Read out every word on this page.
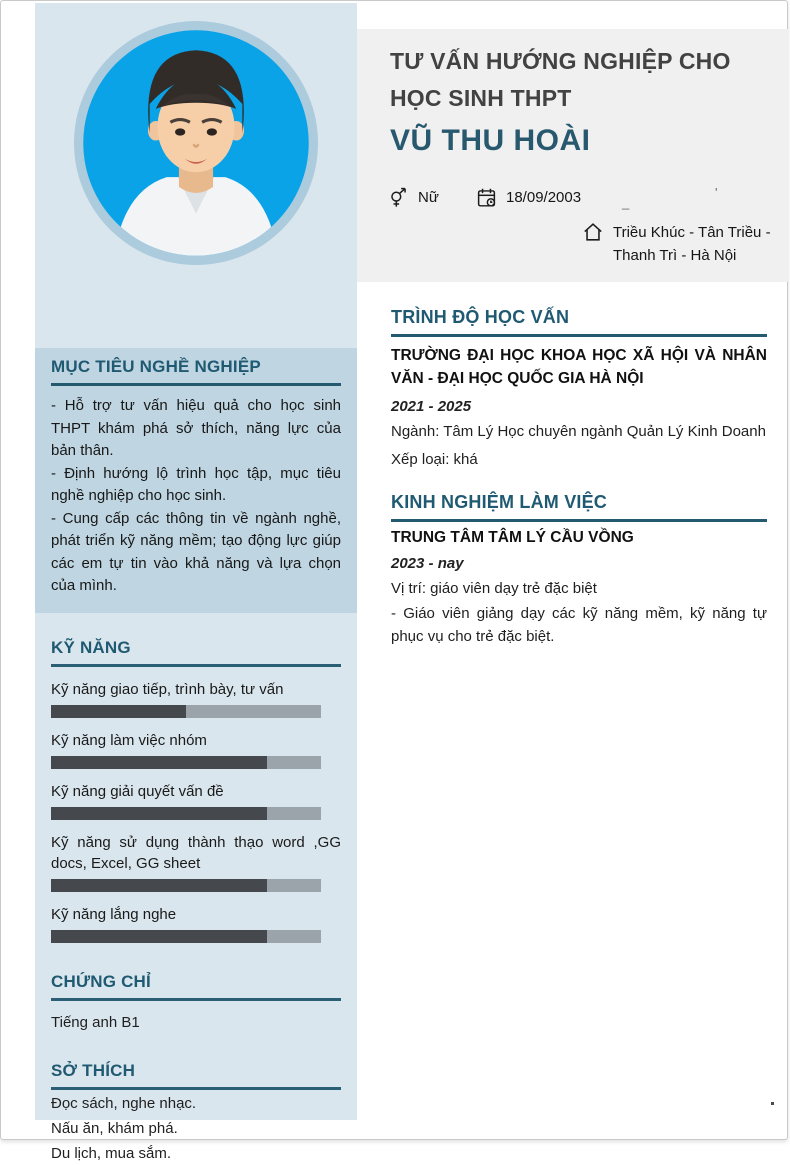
MỤC TIÊU NGHỀ NGHIỆP
- Hỗ trợ tư vấn hiệu quả cho học sinh THPT khám phá sở thích, năng lực của bản thân.
- Định hướng lộ trình học tập, mục tiêu nghề nghiệp cho học sinh.
- Cung cấp các thông tin về ngành nghề, phát triển kỹ năng mềm; tạo động lực giúp các em tự tin vào khả năng và lựa chọn của mình.
KỸ NĂNG
Kỹ năng giao tiếp, trình bày, tư vấn
Kỹ năng làm việc nhóm
Kỹ năng giải quyết vấn đề
Kỹ năng sử dụng thành thạo word ,GG docs, Excel, GG sheet
Kỹ năng lắng nghe
CHỨNG CHỈ
Tiếng anh B1
SỞ THÍCH
Đọc sách, nghe nhạc.
Nấu ăn, khám phá.
Du lịch, mua sắm.
TƯ VẤN HƯỚNG NGHIỆP CHO
HỌC SINH THPT
VŨ THU HOÀI
Nữ	18/09/2003	_
'
Triều Khúc - Tân Triều -
Thanh Trì - Hà Nội
TRÌNH ĐỘ HỌC VẤN
TRƯỜNG ĐẠI HỌC KHOA HỌC XÃ HỘI VÀ NHÂN VĂN - ĐẠI HỌC QUỐC GIA HÀ NỘI
2021 - 2025
Ngành: Tâm Lý Học chuyên ngành Quản Lý Kinh Doanh
Xếp loại: khá
KINH NGHIỆM LÀM VIỆC
TRUNG TÂM TÂM LÝ CẦU VỒNG
2023 - nay
Vị trí: giáo viên dạy trẻ đặc biệt
- Giáo viên giảng dạy các kỹ năng mềm, kỹ năng tự phục vụ cho trẻ đặc biệt.
